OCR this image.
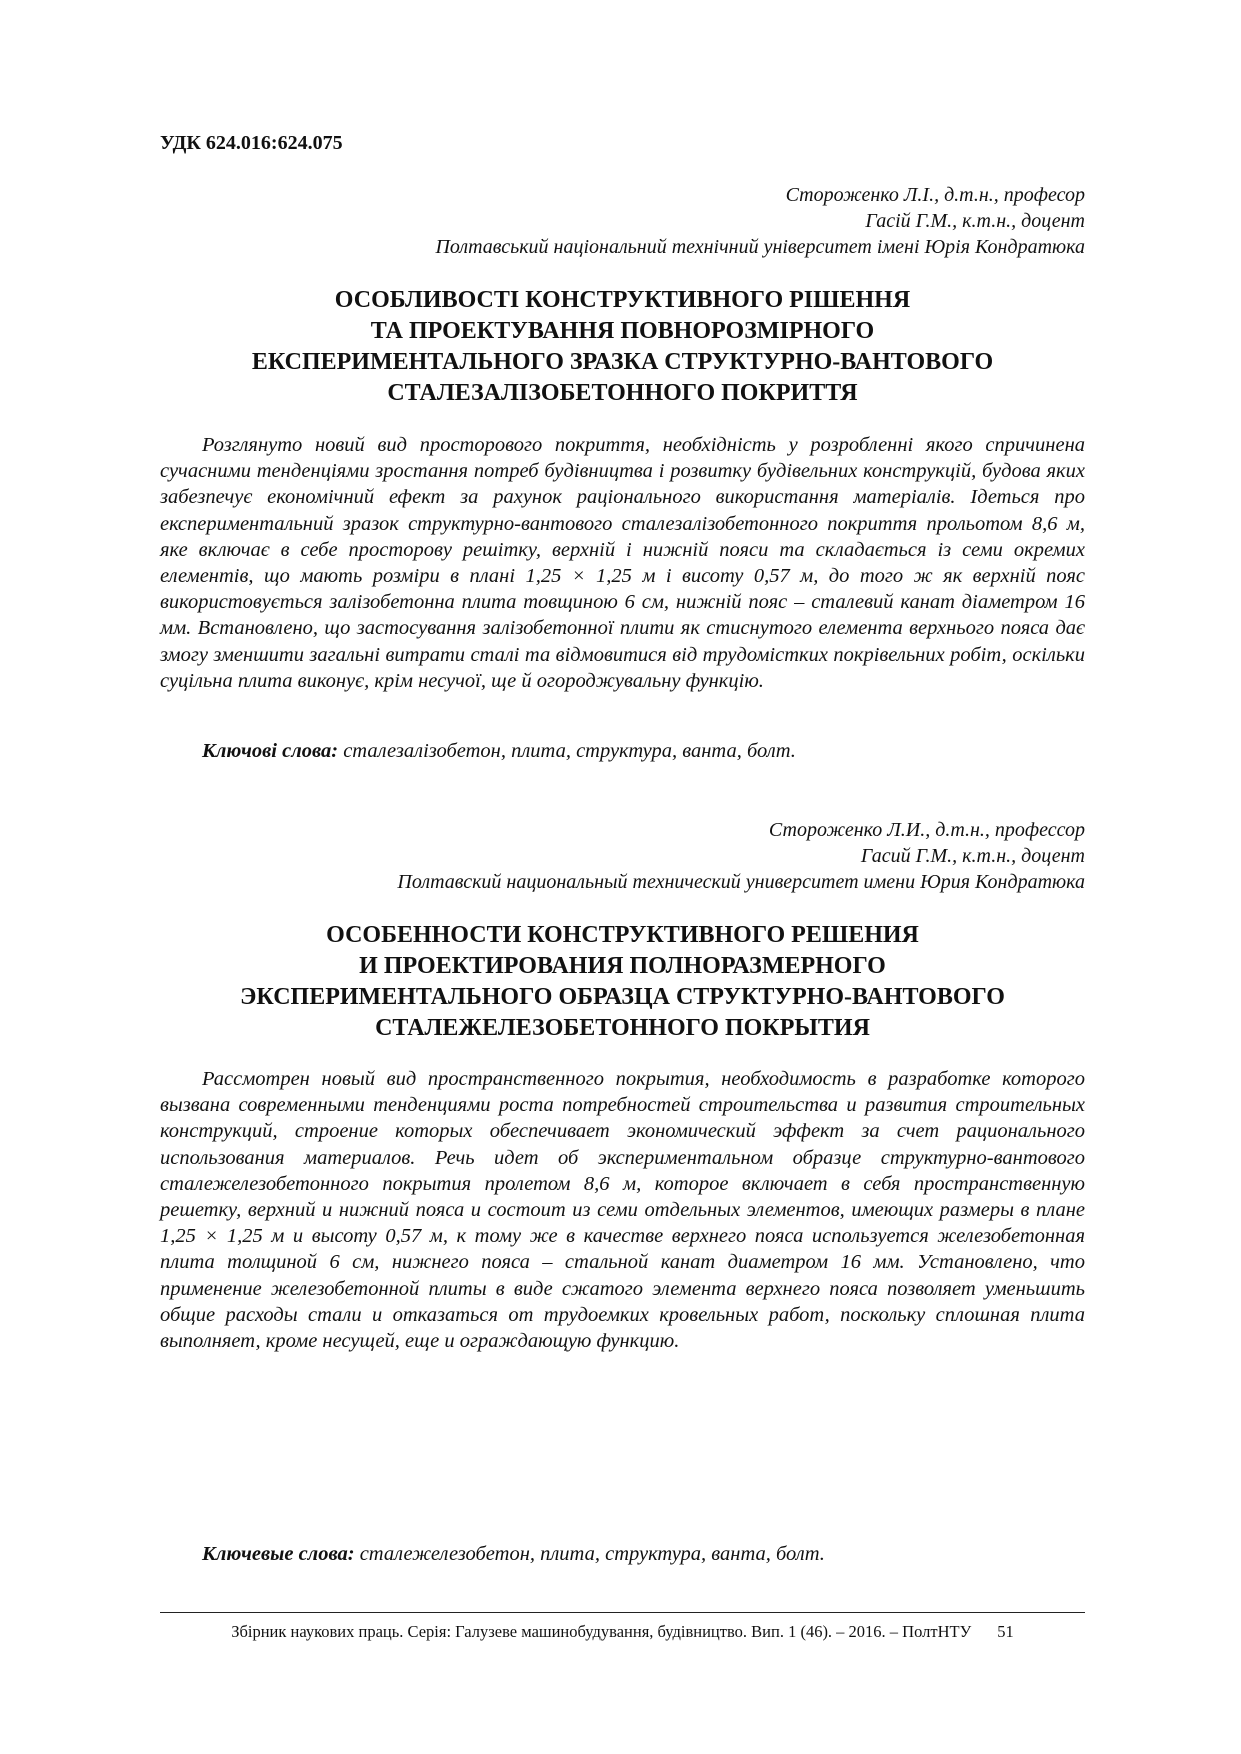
УДК 624.016:624.075
Стороженко Л.І., д.т.н., професор
Гасій Г.М., к.т.н., доцент
Полтавський національний технічний університет імені Юрія Кондратюка
ОСОБЛИВОСТІ КОНСТРУКТИВНОГО РІШЕННЯ
ТА ПРОЕКТУВАННЯ ПОВНОРОЗМІРНОГО
ЕКСПЕРИМЕНТАЛЬНОГО ЗРАЗКА СТРУКТУРНО-ВАНТОВОГО
СТАЛЕЗАЛІЗОБЕТОННОГО ПОКРИТТЯ

Розглянуто новий вид просторового покриття, необхідність у розробленні якого спричинена сучасними тенденціями зростання потреб будівництва і розвитку будівельних конструкцій, будова яких забезпечує економічний ефект за рахунок раціонального використання матеріалів. Ідеться про експериментальний зразок структурно-вантового сталезалізобетонного покриття прольотом 8,6 м, яке включає в себе просторову решітку, верхній і нижній пояси та складається із семи окремих елементів, що мають розміри в плані 1,25 × 1,25 м і висоту 0,57 м, до того ж як верхній пояс використовується залізобетонна плита товщиною 6 см, нижній пояс – сталевий канат діаметром 16 мм. Встановлено, що застосування залізобетонної плити як стиснутого елемента верхнього пояса дає змогу зменшити загальні витрати сталі та відмовитися від трудомістких покрівельних робіт, оскільки суцільна плита виконує, крім несучої, ще й огороджувальну функцію.

Ключові слова: сталезалізобетон, плита, структура, ванта, болт.
Стороженко Л.И., д.т.н., профессор
Гасий Г.М., к.т.н., доцент
Полтавский национальный технический университет имени Юрия Кондратюка
ОСОБЕННОСТИ КОНСТРУКТИВНОГО РЕШЕНИЯ
И ПРОЕКТИРОВАНИЯ ПОЛНОРАЗМЕРНОГО
ЭКСПЕРИМЕНТАЛЬНОГО ОБРАЗЦА СТРУКТУРНО-ВАНТОВОГО
СТАЛЕЖЕЛЕЗОБЕТОННОГО ПОКРЫТИЯ

Рассмотрен новый вид пространственного покрытия, необходимость в разработке которого вызвана современными тенденциями роста потребностей строительства и развития строительных конструкций, строение которых обеспечивает экономический эффект за счет рационального использования материалов. Речь идет об экспериментальном образце структурно-вантового сталежелезобетонного покрытия пролетом 8,6 м, которое включает в себя пространственную решетку, верхний и нижний пояса и состоит из семи отдельных элементов, имеющих размеры в плане 1,25 × 1,25 м и высоту 0,57 м, к тому же в качестве верхнего пояса используется железобетонная плита толщиной 6 см, нижнего пояса – стальной канат диаметром 16 мм. Установлено, что применение железобетонной плиты в виде сжатого элемента верхнего пояса позволяет уменьшить общие расходы стали и отказаться от трудоемких кровельных работ, поскольку сплошная плита выполняет, кроме несущей, еще и ограждающую функцию.

Ключевые слова: сталежелезобетон, плита, структура, ванта, болт.
Збірник наукових праць. Серія: Галузеве машинобудування, будівництво. Вип. 1 (46). – 2016. – ПолтНТУ 51
